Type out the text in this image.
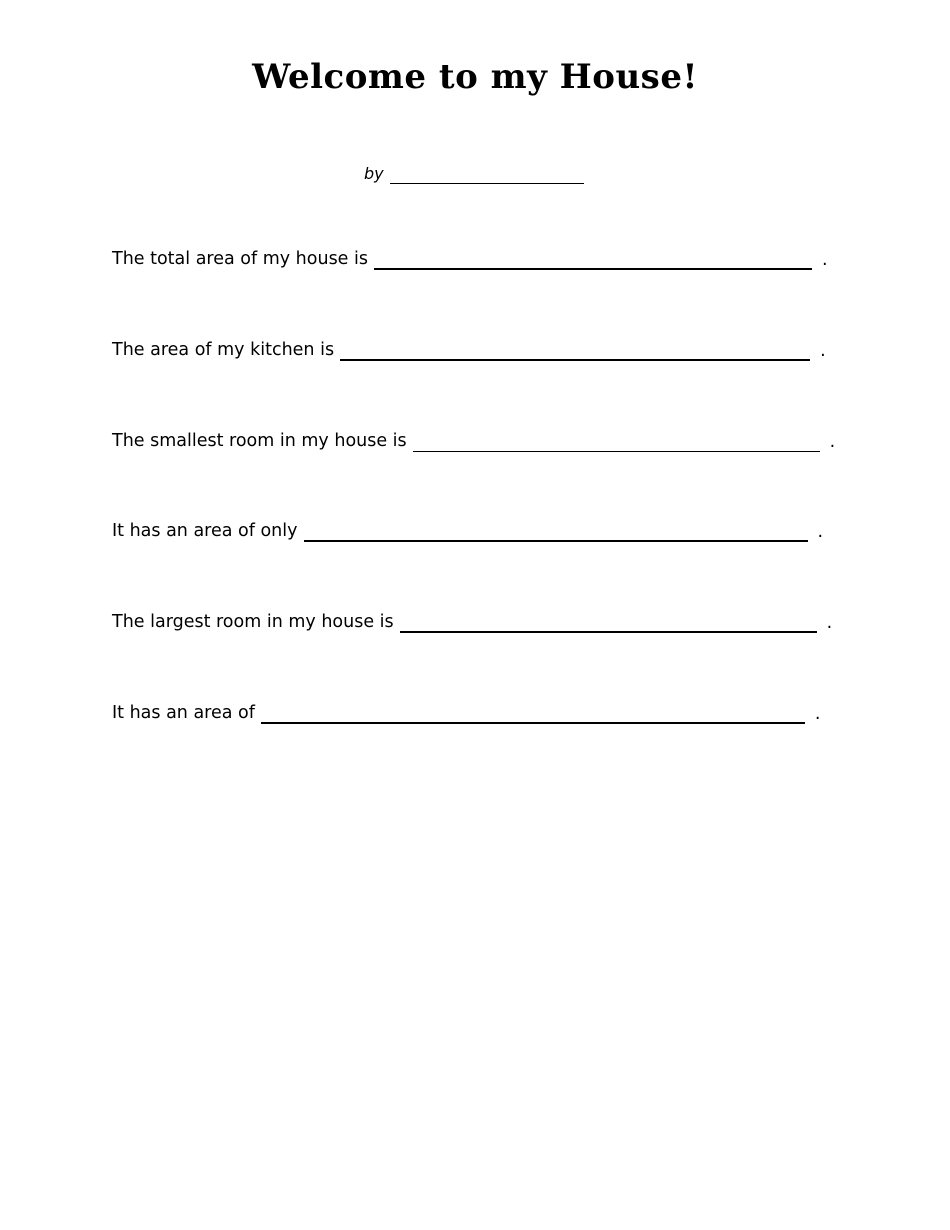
Welcome to my House!
by
The total area of my house is	.
The area of my kitchen is	.
The smallest room in my house is	.
It has an area of only	.
The largest room in my house is	.
It has an area of	.
